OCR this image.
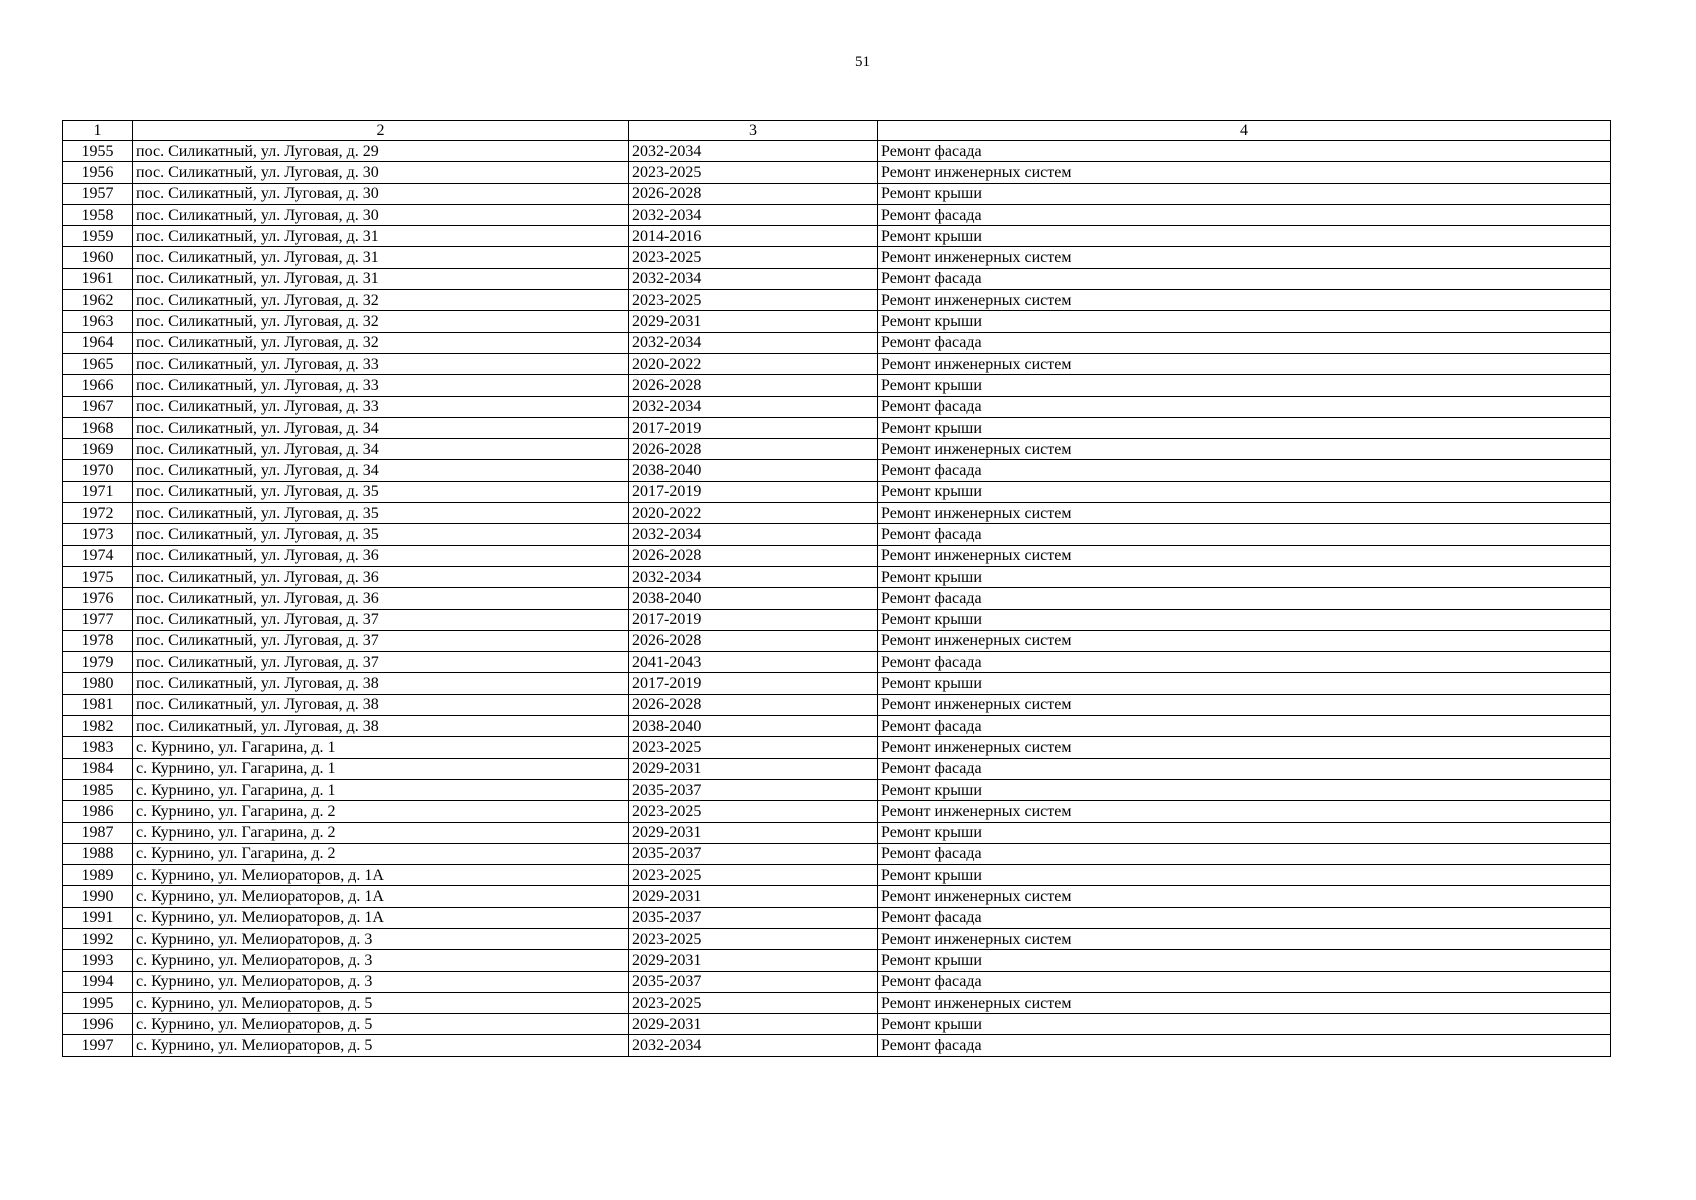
51
1	2	3	4
1955	пос. Силикатный, ул. Луговая, д. 29	2032-2034	Ремонт фасада
1956	пос. Силикатный, ул. Луговая, д. 30	2023-2025	Ремонт инженерных систем
1957	пос. Силикатный, ул. Луговая, д. 30	2026-2028	Ремонт крыши
1958	пос. Силикатный, ул. Луговая, д. 30	2032-2034	Ремонт фасада
1959	пос. Силикатный, ул. Луговая, д. 31	2014-2016	Ремонт крыши
1960	пос. Силикатный, ул. Луговая, д. 31	2023-2025	Ремонт инженерных систем
1961	пос. Силикатный, ул. Луговая, д. 31	2032-2034	Ремонт фасада
1962	пос. Силикатный, ул. Луговая, д. 32	2023-2025	Ремонт инженерных систем
1963	пос. Силикатный, ул. Луговая, д. 32	2029-2031	Ремонт крыши
1964	пос. Силикатный, ул. Луговая, д. 32	2032-2034	Ремонт фасада
1965	пос. Силикатный, ул. Луговая, д. 33	2020-2022	Ремонт инженерных систем
1966	пос. Силикатный, ул. Луговая, д. 33	2026-2028	Ремонт крыши
1967	пос. Силикатный, ул. Луговая, д. 33	2032-2034	Ремонт фасада
1968	пос. Силикатный, ул. Луговая, д. 34	2017-2019	Ремонт крыши
1969	пос. Силикатный, ул. Луговая, д. 34	2026-2028	Ремонт инженерных систем
1970	пос. Силикатный, ул. Луговая, д. 34	2038-2040	Ремонт фасада
1971	пос. Силикатный, ул. Луговая, д. 35	2017-2019	Ремонт крыши
1972	пос. Силикатный, ул. Луговая, д. 35	2020-2022	Ремонт инженерных систем
1973	пос. Силикатный, ул. Луговая, д. 35	2032-2034	Ремонт фасада
1974	пос. Силикатный, ул. Луговая, д. 36	2026-2028	Ремонт инженерных систем
1975	пос. Силикатный, ул. Луговая, д. 36	2032-2034	Ремонт крыши
1976	пос. Силикатный, ул. Луговая, д. 36	2038-2040	Ремонт фасада
1977	пос. Силикатный, ул. Луговая, д. 37	2017-2019	Ремонт крыши
1978	пос. Силикатный, ул. Луговая, д. 37	2026-2028	Ремонт инженерных систем
1979	пос. Силикатный, ул. Луговая, д. 37	2041-2043	Ремонт фасада
1980	пос. Силикатный, ул. Луговая, д. 38	2017-2019	Ремонт крыши
1981	пос. Силикатный, ул. Луговая, д. 38	2026-2028	Ремонт инженерных систем
1982	пос. Силикатный, ул. Луговая, д. 38	2038-2040	Ремонт фасада
1983	с. Курнино, ул. Гагарина, д. 1	2023-2025	Ремонт инженерных систем
1984	с. Курнино, ул. Гагарина, д. 1	2029-2031	Ремонт фасада
1985	с. Курнино, ул. Гагарина, д. 1	2035-2037	Ремонт крыши
1986	с. Курнино, ул. Гагарина, д. 2	2023-2025	Ремонт инженерных систем
1987	с. Курнино, ул. Гагарина, д. 2	2029-2031	Ремонт крыши
1988	с. Курнино, ул. Гагарина, д. 2	2035-2037	Ремонт фасада
1989	с. Курнино, ул. Мелиораторов, д. 1А	2023-2025	Ремонт крыши
1990	с. Курнино, ул. Мелиораторов, д. 1А	2029-2031	Ремонт инженерных систем
1991	с. Курнино, ул. Мелиораторов, д. 1А	2035-2037	Ремонт фасада
1992	с. Курнино, ул. Мелиораторов, д. 3	2023-2025	Ремонт инженерных систем
1993	с. Курнино, ул. Мелиораторов, д. 3	2029-2031	Ремонт крыши
1994	с. Курнино, ул. Мелиораторов, д. 3	2035-2037	Ремонт фасада
1995	с. Курнино, ул. Мелиораторов, д. 5	2023-2025	Ремонт инженерных систем
1996	с. Курнино, ул. Мелиораторов, д. 5	2029-2031	Ремонт крыши
1997	с. Курнино, ул. Мелиораторов, д. 5	2032-2034	Ремонт фасада
